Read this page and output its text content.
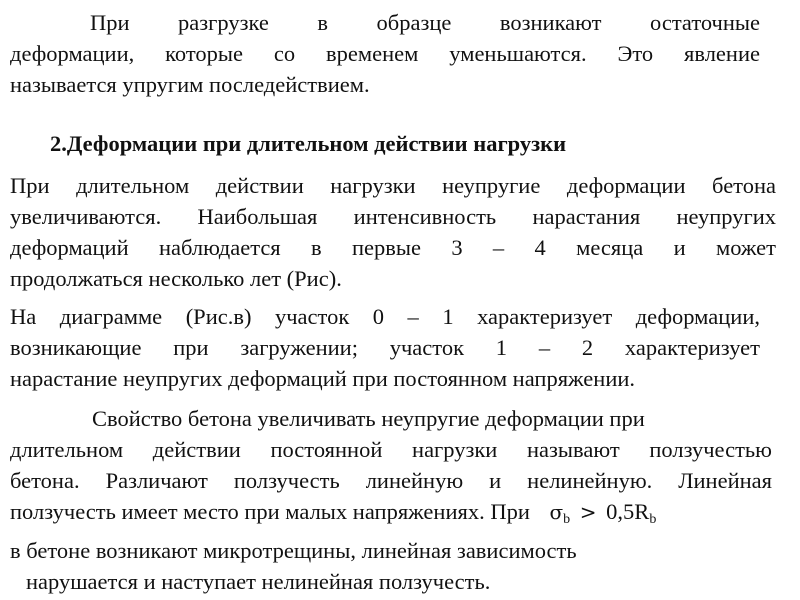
При разгрузке в образце возникают остаточные
деформации, которые со временем уменьшаются. Это явление
называется упругим последействием.
2.Деформации при длительном действии нагрузки
При длительном действии нагрузки неупругие деформации бетона
увеличиваются. Наибольшая интенсивность нарастания неупругих
деформаций наблюдается в первые 3 – 4 месяца и может
продолжаться несколько лет (Рис).
На диаграмме (Рис.в) участок 0 – 1 характеризует деформации,
возникающие при загружении; участок 1 – 2 характеризует
нарастание неупругих деформаций при постоянном напряжении.
Свойство бетона увеличивать неупругие деформации при
длительном действии постоянной нагрузки называют ползучестью
бетона. Различают ползучесть линейную и нелинейную. Линейная
ползучесть имеет место при малых напряжениях. При $\sigma_b > 0,5R_b$
в бетоне возникают микротрещины, линейная зависимость
нарушается и наступает нелинейная ползучесть.
